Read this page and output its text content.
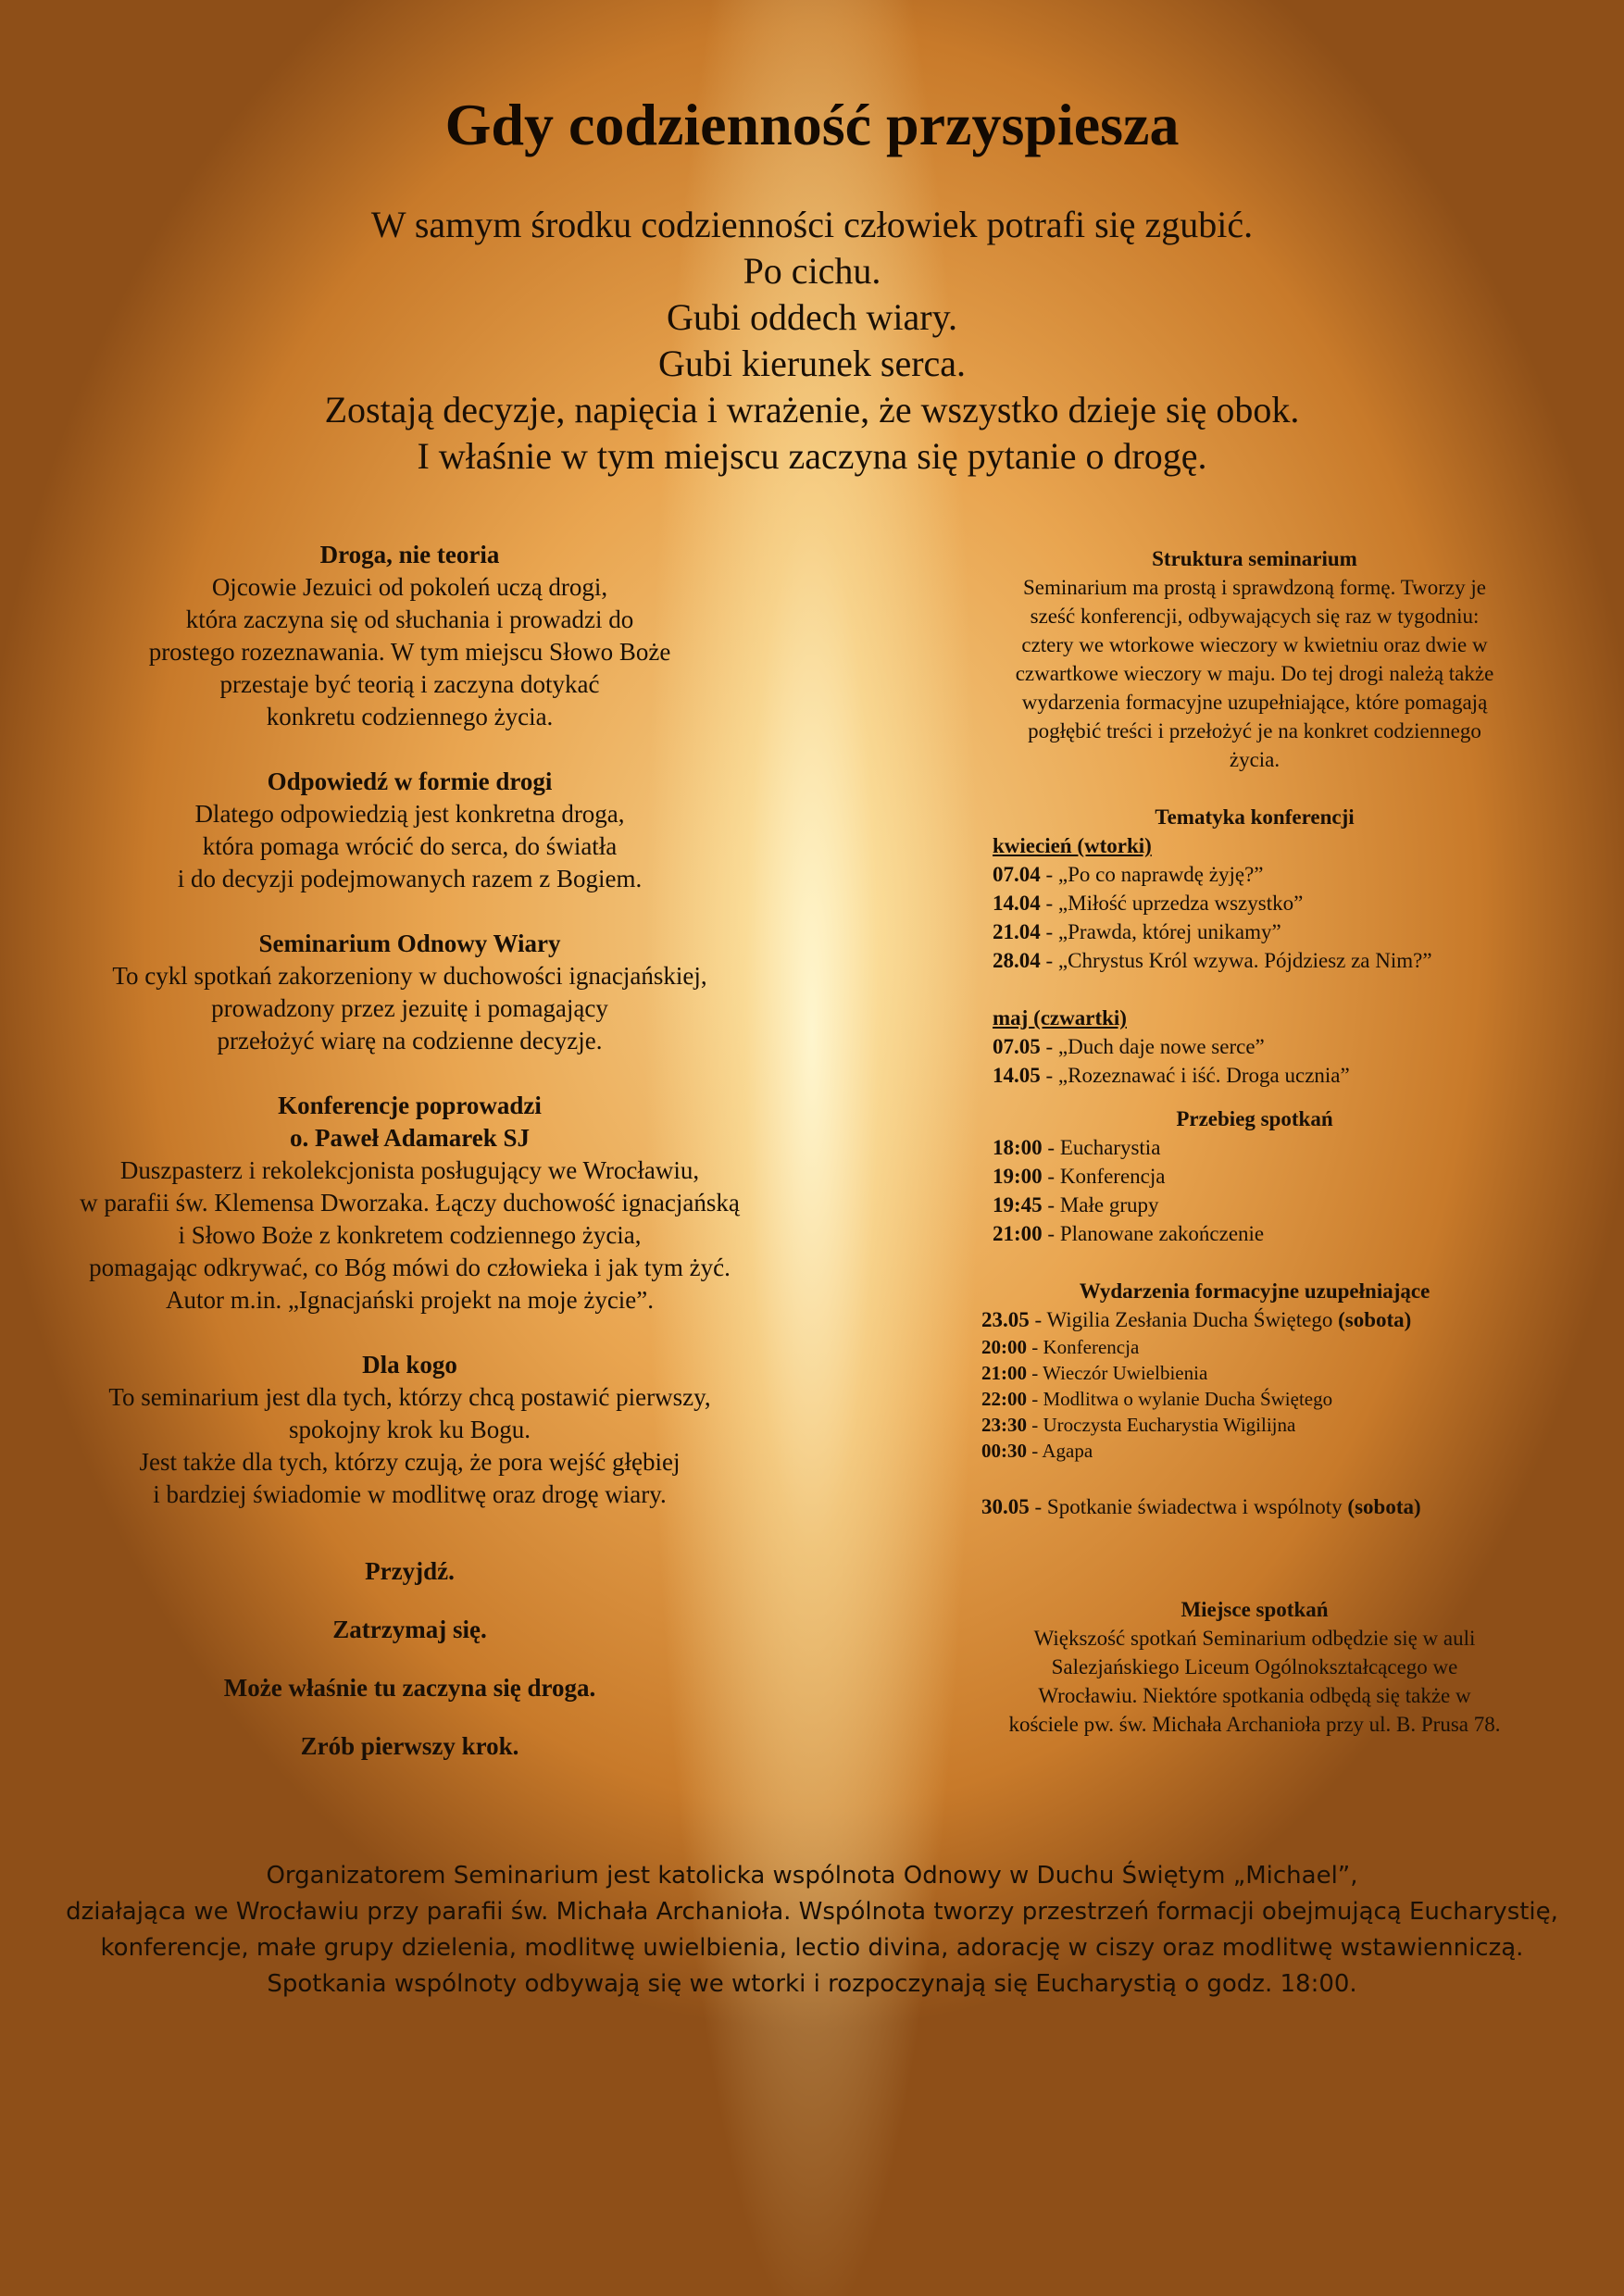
Gdy codzienność przyspiesza
W samym środku codzienności człowiek potrafi się zgubić.
Po cichu.
Gubi oddech wiary.
Gubi kierunek serca.
Zostają decyzje, napięcia i wrażenie, że wszystko dzieje się obok.
I właśnie w tym miejscu zaczyna się pytanie o drogę.
Droga, nie teoria
Ojcowie Jezuici od pokoleń uczą drogi,
która zaczyna się od słuchania i prowadzi do
prostego rozeznawania. W tym miejscu Słowo Boże
przestaje być teorią i zaczyna dotykać
konkretu codziennego życia.
Odpowiedź w formie drogi
Dlatego odpowiedzią jest konkretna droga,
która pomaga wrócić do serca, do światła
i do decyzji podejmowanych razem z Bogiem.
Seminarium Odnowy Wiary
To cykl spotkań zakorzeniony w duchowości ignacjańskiej,
prowadzony przez jezuitę i pomagający
przełożyć wiarę na codzienne decyzje.
Konferencje poprowadzi
o. Paweł Adamarek SJ
Duszpasterz i rekolekcjonista posługujący we Wrocławiu,
w parafii św. Klemensa Dworzaka. Łączy duchowość ignacjańską
i Słowo Boże z konkretem codziennego życia,
pomagając odkrywać, co Bóg mówi do człowieka i jak tym żyć.
Autor m.in. „Ignacjański projekt na moje życie”.
Dla kogo
To seminarium jest dla tych, którzy chcą postawić pierwszy,
spokojny krok ku Bogu.
Jest także dla tych, którzy czują, że pora wejść głębiej
i bardziej świadomie w modlitwę oraz drogę wiary.
Przyjdź.
Zatrzymaj się.
Może właśnie tu zaczyna się droga.
Zrób pierwszy krok.
Struktura seminarium
Seminarium ma prostą i sprawdzoną formę. Tworzy je
sześć konferencji, odbywających się raz w tygodniu:
cztery we wtorkowe wieczory w kwietniu oraz dwie w
czwartkowe wieczory w maju. Do tej drogi należą także
wydarzenia formacyjne uzupełniające, które pomagają
pogłębić treści i przełożyć je na konkret codziennego
życia.
Tematyka konferencji
kwiecień (wtorki)
07.04 - „Po co naprawdę żyję?”
14.04 - „Miłość uprzedza wszystko”
21.04 - „Prawda, której unikamy”
28.04 - „Chrystus Król wzywa. Pójdziesz za Nim?”
maj (czwartki)
07.05 - „Duch daje nowe serce”
14.05 - „Rozeznawać i iść. Droga ucznia”
Przebieg spotkań
18:00 - Eucharystia
19:00 - Konferencja
19:45 - Małe grupy
21:00 - Planowane zakończenie
Wydarzenia formacyjne uzupełniające
23.05 - Wigilia Zesłania Ducha Świętego (sobota)
20:00 - Konferencja
21:00 - Wieczór Uwielbienia
22:00 - Modlitwa o wylanie Ducha Świętego
23:30 - Uroczysta Eucharystia Wigilijna
00:30 - Agapa
30.05 - Spotkanie świadectwa i wspólnoty (sobota)
Miejsce spotkań
Większość spotkań Seminarium odbędzie się w auli
Salezjańskiego Liceum Ogólnokształcącego we
Wrocławiu. Niektóre spotkania odbędą się także w
kościele pw. św. Michała Archanioła przy ul. B. Prusa 78.
Organizatorem Seminarium jest katolicka wspólnota Odnowy w Duchu Świętym „Michael”,
działająca we Wrocławiu przy parafii św. Michała Archanioła. Wspólnota tworzy przestrzeń formacji obejmującą Eucharystię,
konferencje, małe grupy dzielenia, modlitwę uwielbienia, lectio divina, adorację w ciszy oraz modlitwę wstawienniczą.
Spotkania wspólnoty odbywają się we wtorki i rozpoczynają się Eucharystią o godz. 18:00.
